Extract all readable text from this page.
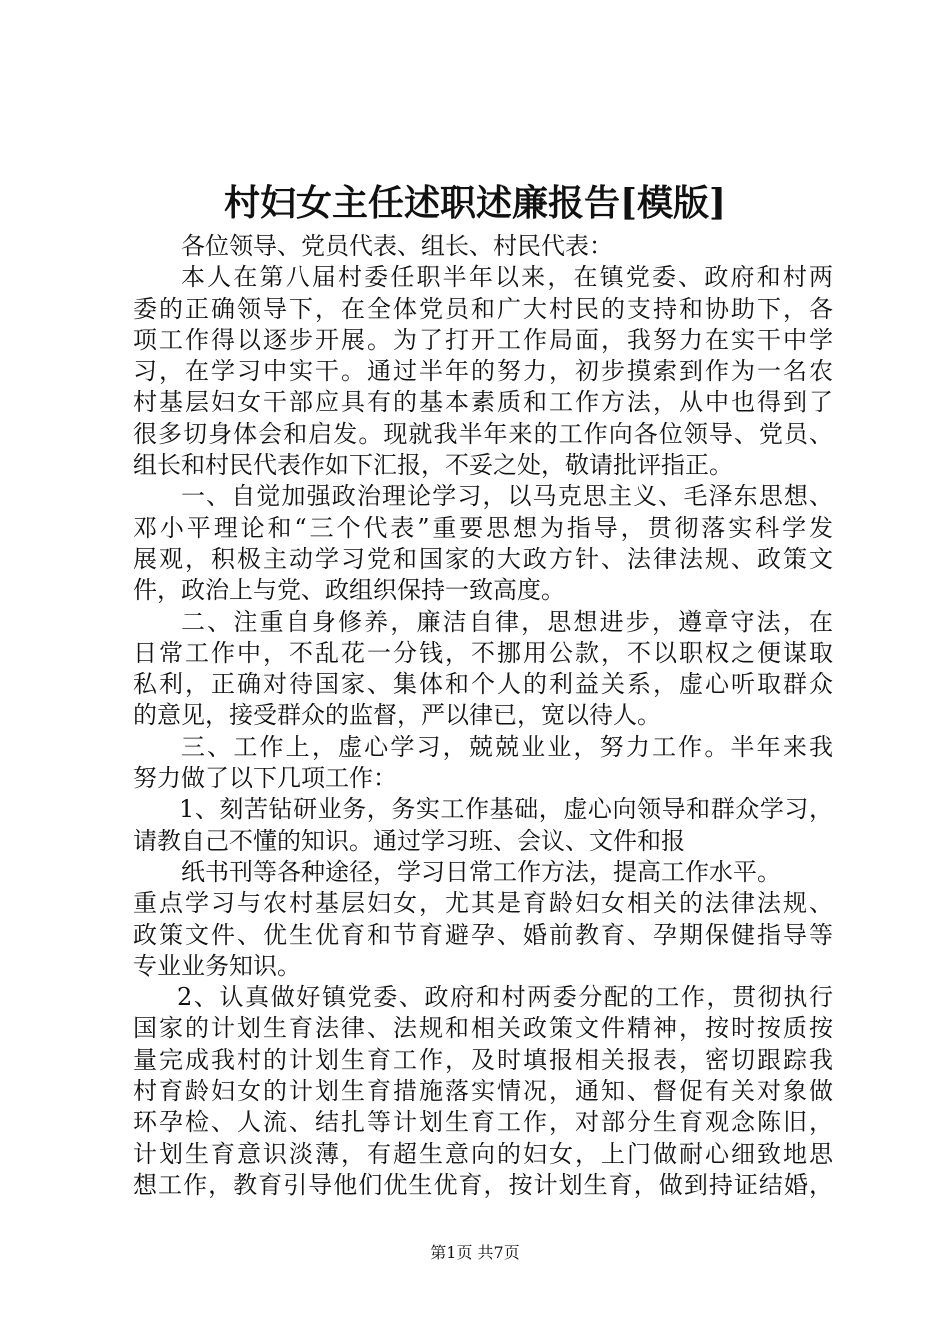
村妇女主任述职述廉报告[模版]
各位领导、党员代表、组长、村民代表：
本人在第八届村委任职半年以来，在镇党委、政府和村两
委的正确领导下，在全体党员和广大村民的支持和协助下，各
项工作得以逐步开展。为了打开工作局面，我努力在实干中学
习，在学习中实干。通过半年的努力，初步摸索到作为一名农
村基层妇女干部应具有的基本素质和工作方法，从中也得到了
很多切身体会和启发。现就我半年来的工作向各位领导、党员、
组长和村民代表作如下汇报，不妥之处，敬请批评指正。
一、自觉加强政治理论学习，以马克思主义、毛泽东思想、
邓小平理论和“三个代表”重要思想为指导，贯彻落实科学发
展观，积极主动学习党和国家的大政方针、法律法规、政策文
件，政治上与党、政组织保持一致高度。
二、注重自身修养，廉洁自律，思想进步，遵章守法，在
日常工作中，不乱花一分钱，不挪用公款，不以职权之便谋取
私利，正确对待国家、集体和个人的利益关系，虚心听取群众
的意见，接受群众的监督，严以律已，宽以待人。
三、工作上，虚心学习，兢兢业业，努力工作。半年来我
努力做了以下几项工作：
1、刻苦钻研业务，务实工作基础，虚心向领导和群众学习，
请教自己不懂的知识。通过学习班、会议、文件和报
纸书刊等各种途径，学习日常工作方法，提高工作水平。
重点学习与农村基层妇女，尤其是育龄妇女相关的法律法规、
政策文件、优生优育和节育避孕、婚前教育、孕期保健指导等
专业业务知识。
2、认真做好镇党委、政府和村两委分配的工作，贯彻执行
国家的计划生育法律、法规和相关政策文件精神，按时按质按
量完成我村的计划生育工作，及时填报相关报表，密切跟踪我
村育龄妇女的计划生育措施落实情况，通知、督促有关对象做
环孕检、人流、结扎等计划生育工作，对部分生育观念陈旧，
计划生育意识淡薄，有超生意向的妇女，上门做耐心细致地思
想工作，教育引导他们优生优育，按计划生育，做到持证结婚，
第1页 共7页
